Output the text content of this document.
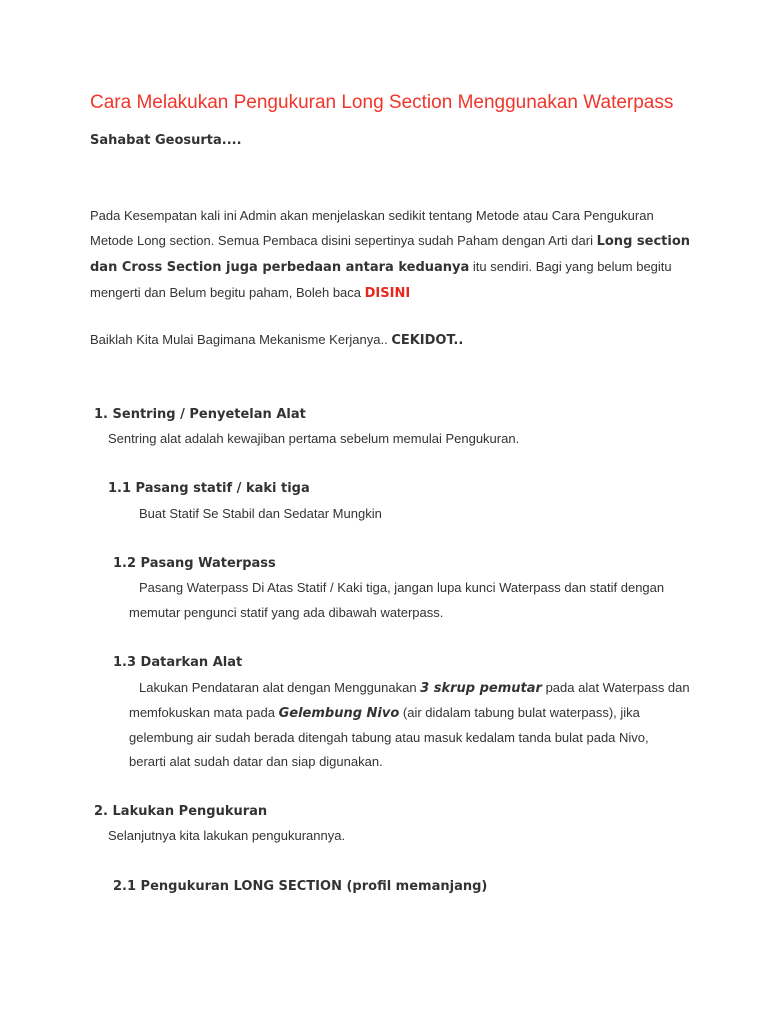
Cara Melakukan Pengukuran Long Section Menggunakan Waterpass
Sahabat Geosurta....

Pada Kesempatan kali ini Admin akan menjelaskan sedikit tentang Metode atau Cara Pengukuran Metode Long section. Semua Pembaca disini sepertinya sudah Paham dengan Arti dari Long section dan Cross Section juga perbedaan antara keduanya itu sendiri. Bagi yang belum begitu mengerti dan Belum begitu paham, Boleh baca DISINI

Baiklah Kita Mulai Bagimana Mekanisme Kerjanya.. CEKIDOT..

1. Sentring / Penyetelan Alat

Sentring alat adalah kewajiban pertama sebelum memulai Pengukuran.

1.1 Pasang statif / kaki tiga

Buat Statif Se Stabil dan Sedatar Mungkin

1.2 Pasang Waterpass

Pasang Waterpass Di Atas Statif / Kaki tiga, jangan lupa kunci Waterpass dan statif dengan

memutar pengunci statif yang ada dibawah waterpass.

1.3 Datarkan Alat

Lakukan Pendataran alat dengan Menggunakan 3 skrup pemutar pada alat Waterpass dan

memfokuskan mata pada Gelembung Nivo (air didalam tabung bulat waterpass), jika

gelembung air sudah berada ditengah tabung atau masuk kedalam tanda bulat pada Nivo,

berarti alat sudah datar dan siap digunakan.

2. Lakukan Pengukuran

Selanjutnya kita lakukan pengukurannya.

2.1 Pengukuran LONG SECTION (profil memanjang)
